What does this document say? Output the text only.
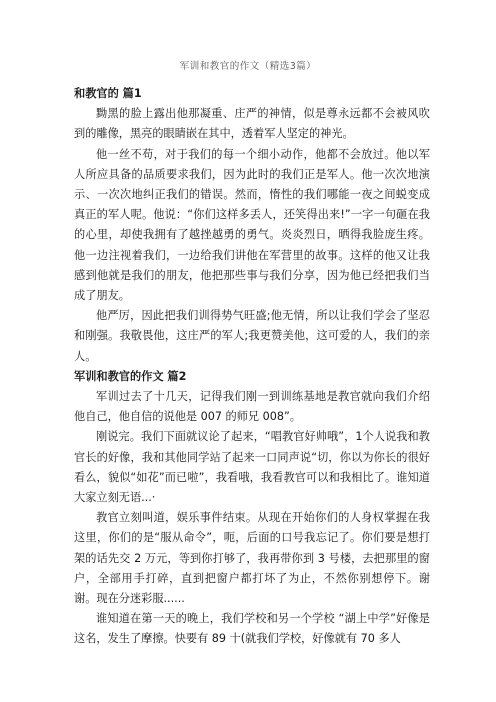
军训和教官的作文（精选3篇）

和教官的 篇1

黝黑的脸上露出他那凝重、庄严的神情，似是尊永远都不会被风吹到的雕像，黑亮的眼睛嵌在其中，透着军人坚定的神光。

他一丝不苟，对于我们的每一个细小动作，他都不会放过。他以军人所应具备的品质要求我们，因为此时的我们正是军人。他一次次地演示、一次次地纠正我们的错误。然而，惰性的我们哪能一夜之间蜕变成真正的军人呢。他说：“你们这样多丢人，还笑得出来!”一字一句砸在我的心里，却使我拥有了越挫越勇的勇气。炎炎烈日，晒得我脸庞生疼。他一边注视着我们，一边给我们讲他在军营里的故事。这样的他又让我感到他就是我们的朋友，他把那些事与我们分享，因为他已经把我们当成了朋友。

他严厉，因此把我们训得势气旺盛;他无情，所以让我们学会了坚忍和刚强。我敬畏他，这庄严的军人;我更赞美他，这可爱的人，我们的亲人。

军训和教官的作文 篇2

军训过去了十几天，记得我们刚一到训练基地是教官就向我们介绍他自己，他自信的说他是 007 的师兄 008”。

刚说完。我们下面就议论了起来，“唱教官好帅哦”，1个人说我和教官长的好像，我和其他同学站了起来一口同声说“切，你以为你长的很好看么，貌似“如花”而已啦”，我看哦，我看教官可以和我相比了。谁知道大家立刻无语...·

教官立刻叫道，娱乐事件结束。从现在开始你们的人身权掌握在我这里，你们的是“服从命令”，呃，后面的口号我忘记了。你们要是想打架的话先交 2 万元，等到你打够了，我再带你到 3 号楼，去把那里的窗户，全部用手打碎，直到把窗户都打坏了为止，不然你别想停下。谢谢。现在分迷彩服......

谁知道在第一天的晚上，我们学校和另一个学校 “湖上中学”好像是这名，发生了摩擦。快要有 89 十(就我们学校，好像就有 70 多人
